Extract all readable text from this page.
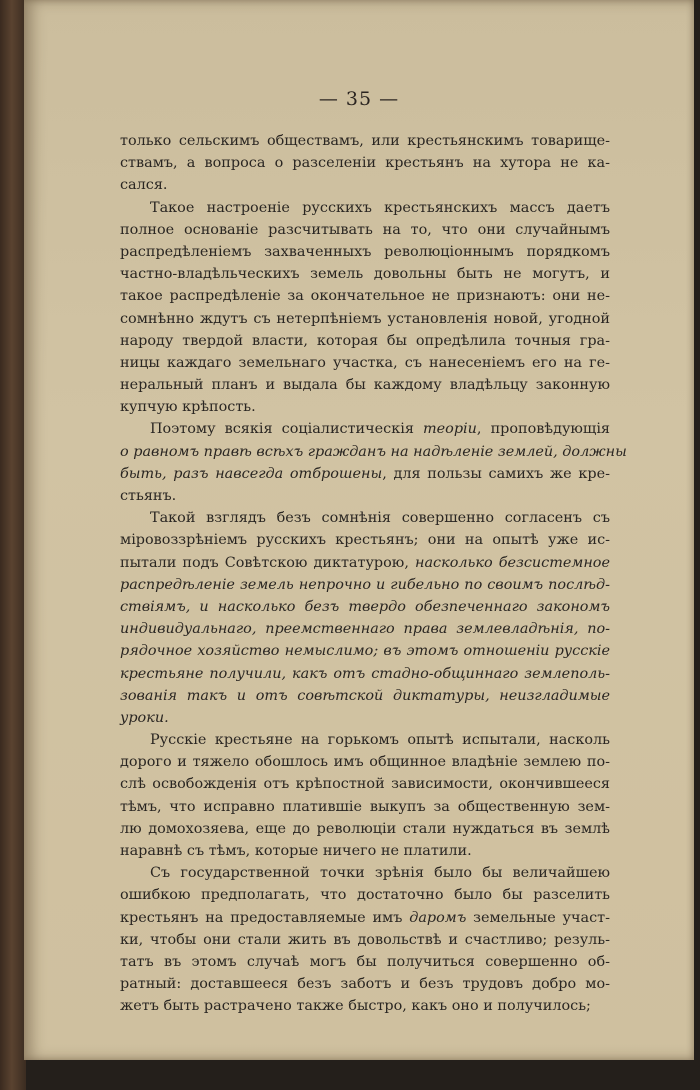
— 35 —
только сельскимъ обществамъ, или крестьянскимъ товарище-
ствамъ, а вопроса о разселеніи крестьянъ на хутора не ка-
сался.
Такое настроеніе русскихъ крестьянскихъ массъ даетъ
полное основаніе разсчитывать на то, что они случайнымъ
распредѣленіемъ захваченныхъ революціоннымъ порядкомъ
частно-владѣльческихъ земель довольны быть не могутъ, и
такое распредѣленіе за окончательное не признаютъ: они не-
сомнѣнно ждутъ съ нетерпѣніемъ установленія новой, угодной
народу твердой власти, которая бы опредѣлила точныя гра-
ницы каждаго земельнаго участка, съ нанесеніемъ его на ге-
неральный планъ и выдала бы каждому владѣльцу законную
купчую крѣпость.
Поэтому всякія соціалистическія теоріи, проповѣдующія
о равномъ правѣ всѣхъ гражданъ на надѣленіе землей, должны
быть, разъ навсегда отброшены, для пользы самихъ же кре-
стьянъ.
Такой взглядъ безъ сомнѣнія совершенно согласенъ съ
міровоззрѣніемъ русскихъ крестьянъ; они на опытѣ уже ис-
пытали подъ Совѣтскою диктатурою, насколько безсистемное
распредѣленіе земель непрочно и гибельно по своимъ послѣд-
ствіямъ, и насколько безъ твердо обезпеченнаго закономъ
индивидуальнаго, преемственнаго права землевладѣнія, по-
рядочное хозяйство немыслимо; въ этомъ отношеніи русскіе
крестьяне получили, какъ отъ стадно-общиннаго землеполь-
зованія такъ и отъ совѣтской диктатуры, неизгладимые
уроки.
Русскіе крестьяне на горькомъ опытѣ испытали, насколь
дорого и тяжело обошлось имъ общинное владѣніе землею по-
слѣ освобожденія отъ крѣпостной зависимости, окончившееся
тѣмъ, что исправно платившіе выкупъ за общественную зем-
лю домохозяева, еще до революціи стали нуждаться въ землѣ
наравнѣ съ тѣмъ, которые ничего не платили.
Съ государственной точки зрѣнія было бы величайшею
ошибкою предполагать, что достаточно было бы разселить
крестьянъ на предоставляемые имъ даромъ земельные участ-
ки, чтобы они стали жить въ довольствѣ и счастливо; резуль-
татъ въ этомъ случаѣ могъ бы получиться совершенно об-
ратный: доставшееся безъ заботъ и безъ трудовъ добро мо-
жетъ быть растрачено также быстро, какъ оно и получилось;
